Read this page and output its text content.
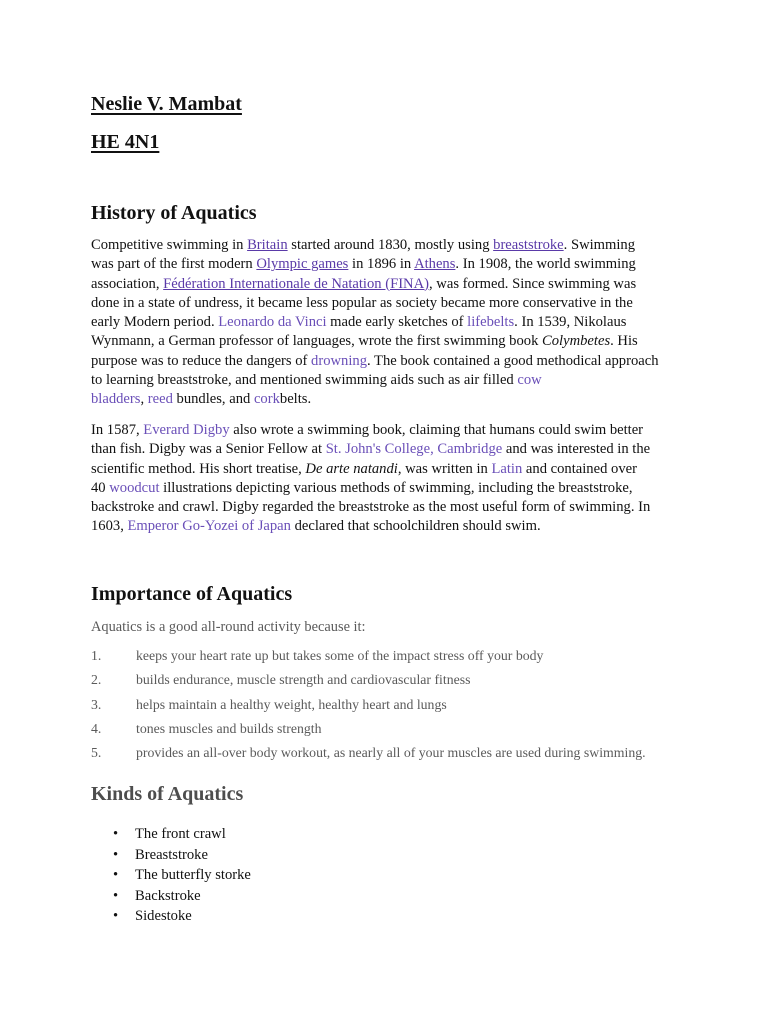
Neslie V. Mambat

HE 4N1

History of Aquatics
Competitive swimming in Britain started around 1830, mostly using breaststroke. Swimming
was part of the first modern Olympic games in 1896 in Athens. In 1908, the world swimming
association, Fédération Internationale de Natation (FINA), was formed. Since swimming was
done in a state of undress, it became less popular as society became more conservative in the
early Modern period. Leonardo da Vinci made early sketches of lifebelts. In 1539, Nikolaus
Wynmann, a German professor of languages, wrote the first swimming book Colymbetes. His
purpose was to reduce the dangers of drowning. The book contained a good methodical approach
to learning breaststroke, and mentioned swimming aids such as air filled cow
bladders, reed bundles, and corkbelts.
In 1587, Everard Digby also wrote a swimming book, claiming that humans could swim better
than fish. Digby was a Senior Fellow at St. John's College, Cambridge and was interested in the
scientific method. His short treatise, De arte natandi, was written in Latin and contained over
40 woodcut illustrations depicting various methods of swimming, including the breaststroke,
backstroke and crawl. Digby regarded the breaststroke as the most useful form of swimming. In
1603, Emperor Go-Yozei of Japan declared that schoolchildren should swim.
Importance of Aquatics

Aquatics is a good all-round activity because it:

1.	keeps your heart rate up but takes some of the impact stress off your body
2.	builds endurance, muscle strength and cardiovascular fitness
3.	helps maintain a healthy weight, healthy heart and lungs
4.	tones muscles and builds strength
5.	provides an all-over body workout, as nearly all of your muscles are used during swimming.
Kinds of Aquatics
• The front crawl
• Breaststroke
• The butterfly storke
• Backstroke
• Sidestoke
